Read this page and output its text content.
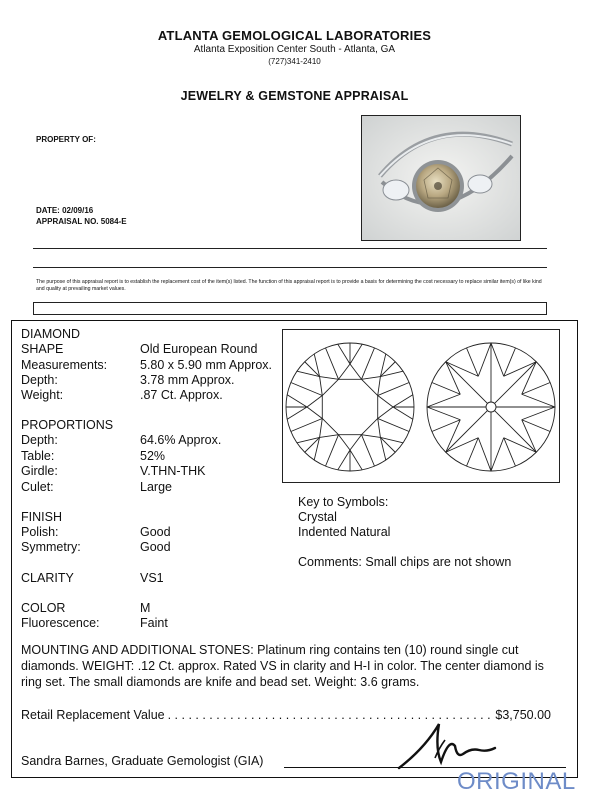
ATLANTA GEMOLOGICAL LABORATORIES
Atlanta Exposition Center South - Atlanta, GA
(727)341-2410
JEWELRY & GEMSTONE APPRAISAL
PROPERTY OF:
DATE: 02/09/16
APPRAISAL NO. 5084-E
The purpose of this appraisal report is to establish the replacement cost of the item(s) listed. The function of this appraisal report is to provide a basis for determining the cost necessary to replace similar item(s) of like kind and quality at prevailing market values.
DIAMOND
SHAPE	Old European Round
Measurements:	5.80 x 5.90 mm Approx.
Depth:	3.78 mm Approx.
Weight:	.87 Ct. Approx.
PROPORTIONS
Depth:	64.6% Approx.
Table:	52%
Girdle:	V.THN-THK
Culet:	Large
FINISH
Polish:	Good
Symmetry:	Good
CLARITY	VS1
COLOR	M
Fluorescence:	Faint
Key to Symbols:
Crystal
Indented Natural
Comments: Small chips are not shown
MOUNTING AND ADDITIONAL STONES: Platinum ring contains ten (10) round single cut diamonds. WEIGHT: .12 Ct. approx. Rated VS in clarity and H-I in color. The center diamond is ring set. The small diamonds are knife and bead set. Weight: 3.6 grams.
Retail Replacement Value
. . .	$3,750.00
Sandra Barnes, Graduate Gemologist (GIA)
ORIGINAL
